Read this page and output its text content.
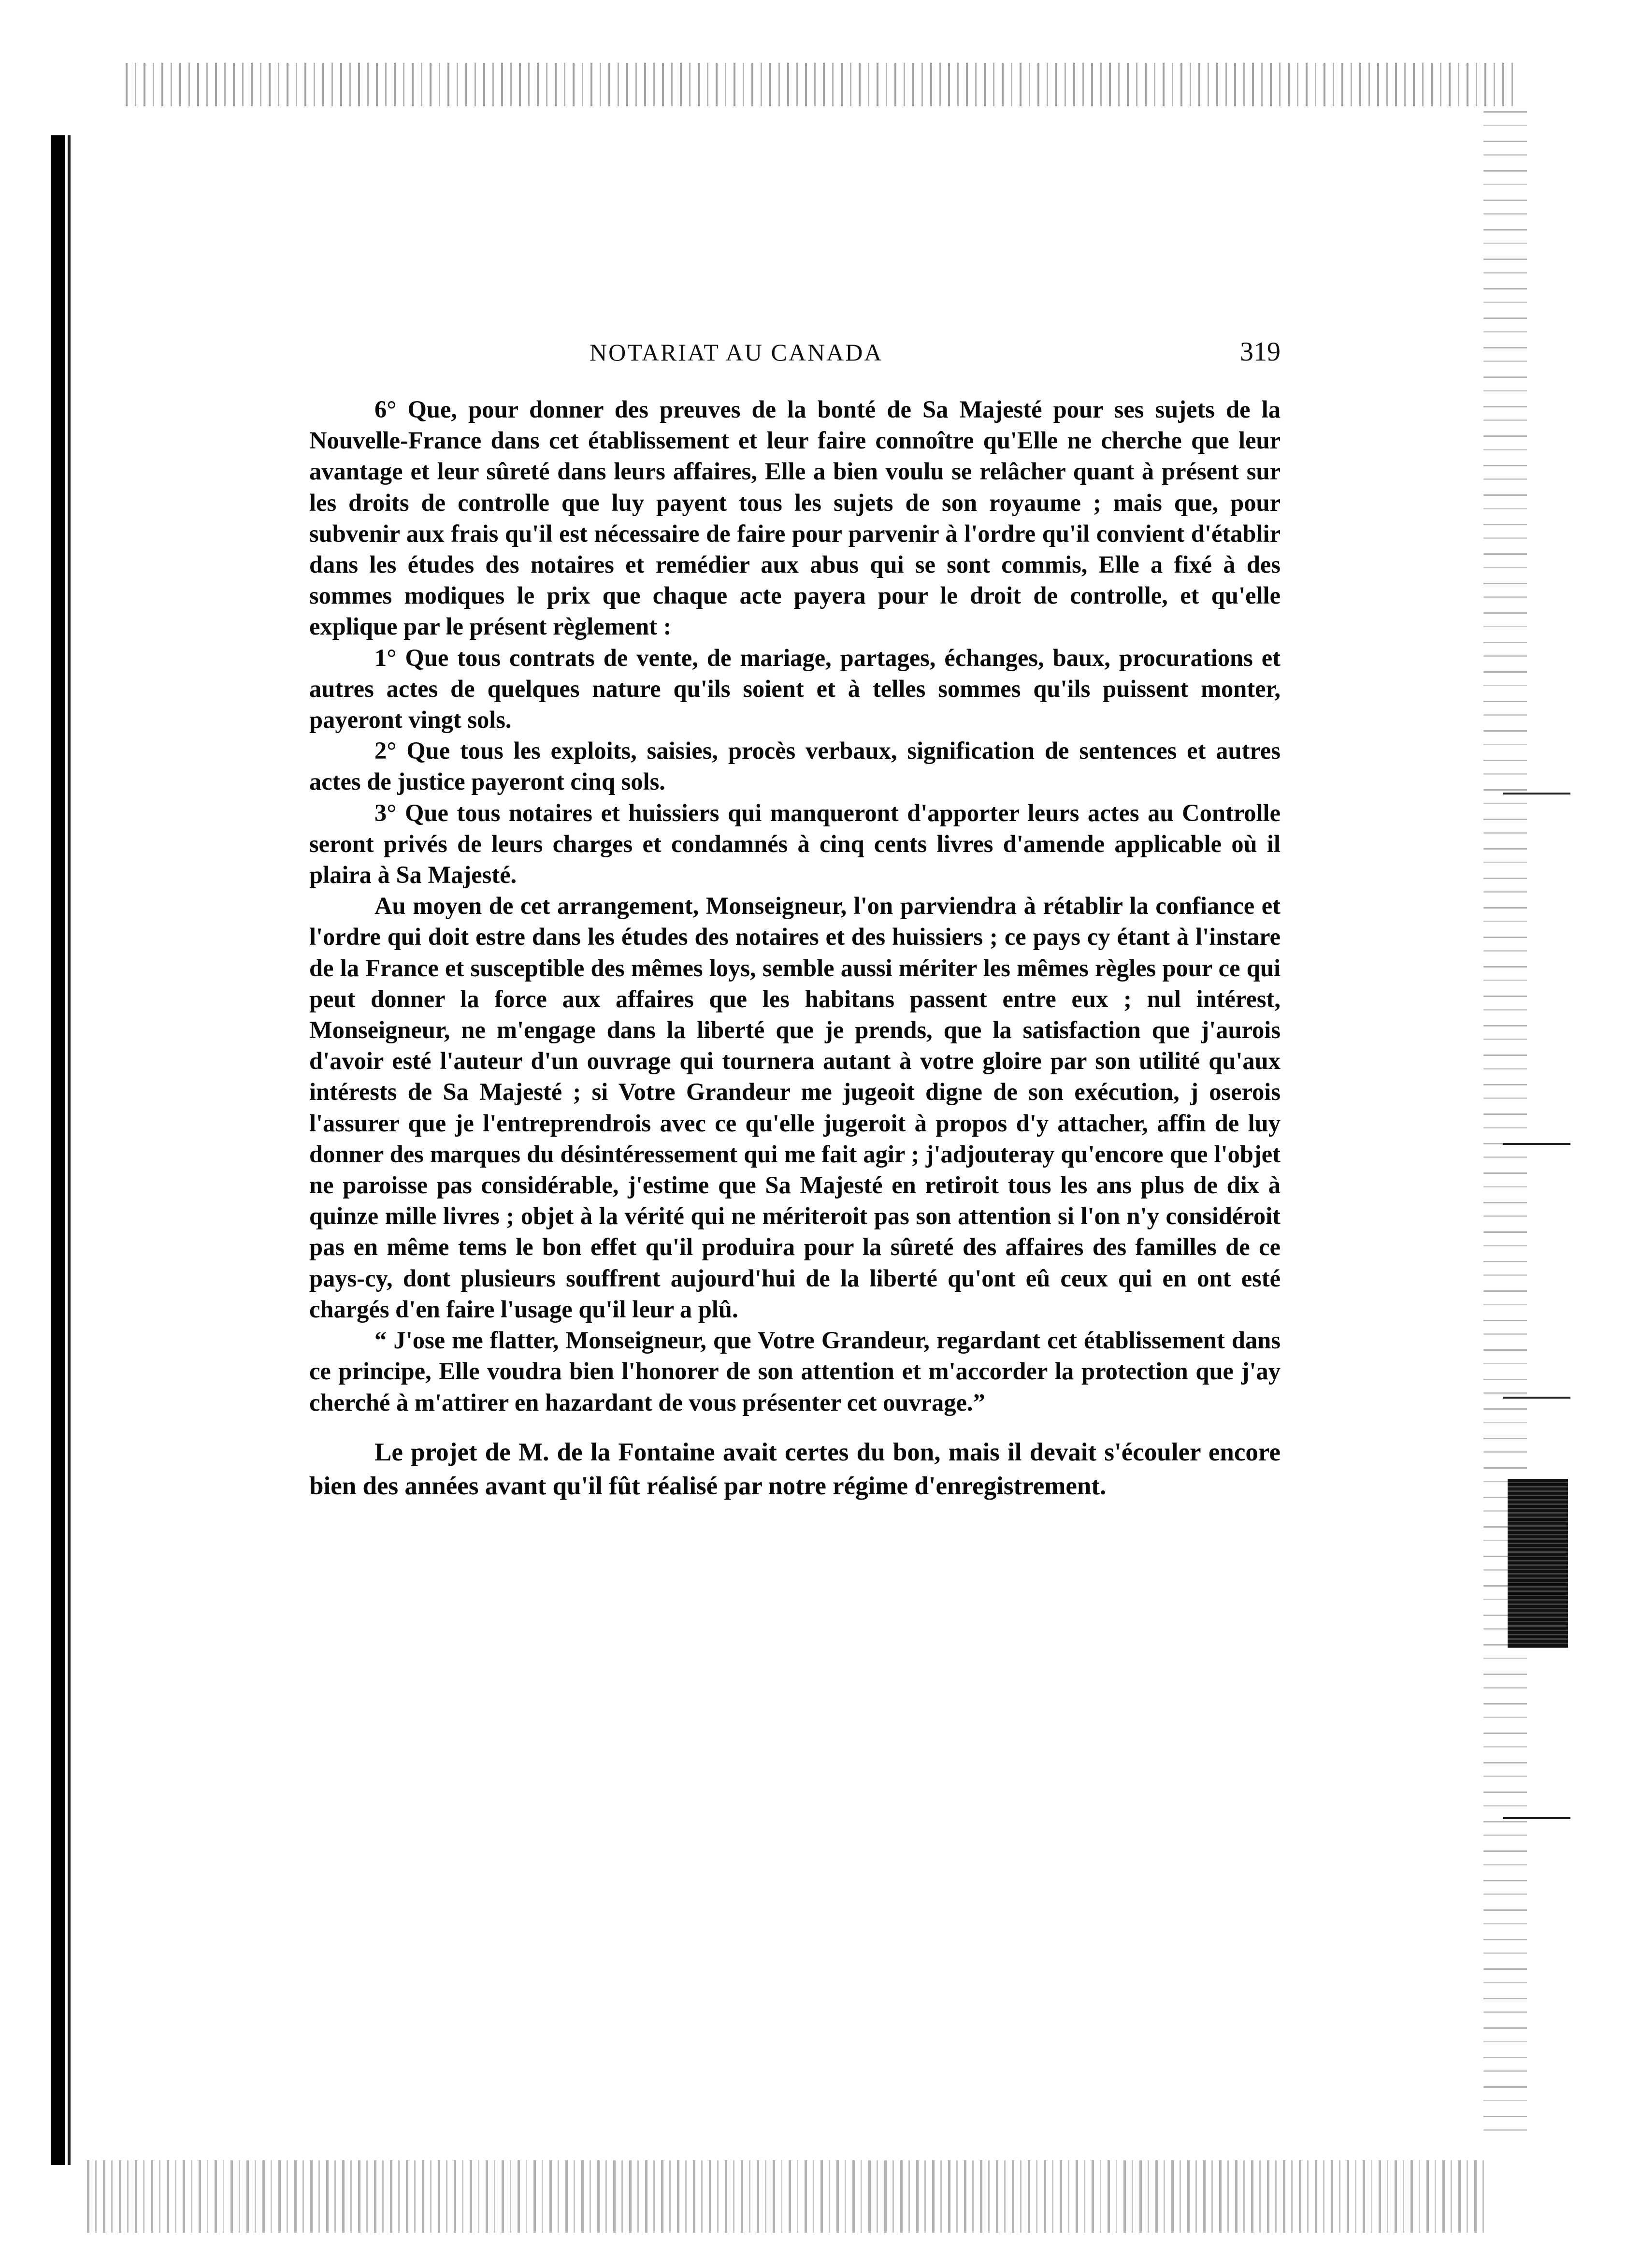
NOTARIAT AU CANADA	319

6° Que, pour donner des preuves de la bonté de Sa Majesté pour ses sujets de la Nouvelle-France dans cet établissement et leur faire connoître qu'Elle ne cherche que leur avantage et leur sûreté dans leurs affaires, Elle a bien voulu se relâcher quant à présent sur les droits de controlle que luy payent tous les sujets de son royaume ; mais que, pour subvenir aux frais qu'il est nécessaire de faire pour parvenir à l'ordre qu'il convient d'établir dans les études des notaires et remédier aux abus qui se sont commis, Elle a fixé à des sommes modiques le prix que chaque acte payera pour le droit de controlle, et qu'elle explique par le présent règlement :

1° Que tous contrats de vente, de mariage, partages, échanges, baux, procurations et autres actes de quelques nature qu'ils soient et à telles sommes qu'ils puissent monter, payeront vingt sols.

2° Que tous les exploits, saisies, procès verbaux, signification de sentences et autres actes de justice payeront cinq sols.

3° Que tous notaires et huissiers qui manqueront d'apporter leurs actes au Controlle seront privés de leurs charges et condamnés à cinq cents livres d'amende applicable où il plaira à Sa Majesté.

Au moyen de cet arrangement, Monseigneur, l'on parviendra à rétablir la confiance et l'ordre qui doit estre dans les études des notaires et des huissiers ; ce pays cy étant à l'instare de la France et susceptible des mêmes loys, semble aussi mériter les mêmes règles pour ce qui peut donner la force aux affaires que les habitans passent entre eux ; nul intérest, Monseigneur, ne m'engage dans la liberté que je prends, que la satisfaction que j'aurois d'avoir esté l'auteur d'un ouvrage qui tournera autant à votre gloire par son utilité qu'aux intérests de Sa Majesté ; si Votre Grandeur me jugeoit digne de son exécution, j oserois l'assurer que je l'entreprendrois avec ce qu'elle jugeroit à propos d'y attacher, affin de luy donner des marques du désintéressement qui me fait agir ; j'adjouteray qu'encore que l'objet ne paroisse pas considérable, j'estime que Sa Majesté en retiroit tous les ans plus de dix à quinze mille livres ; objet à la vérité qui ne mériteroit pas son attention si l'on n'y considéroit pas en même tems le bon effet qu'il produira pour la sûreté des affaires des familles de ce pays-cy, dont plusieurs souffrent aujourd'hui de la liberté qu'ont eû ceux qui en ont esté chargés d'en faire l'usage qu'il leur a plû.

“ J'ose me flatter, Monseigneur, que Votre Grandeur, regardant cet établissement dans ce principe, Elle voudra bien l'honorer de son attention et m'accorder la protection que j'ay cherché à m'attirer en hazardant de vous présenter cet ouvrage.”

Le projet de M. de la Fontaine avait certes du bon, mais il devait s'écouler encore bien des années avant qu'il fût réalisé par notre régime d'enregistrement.
